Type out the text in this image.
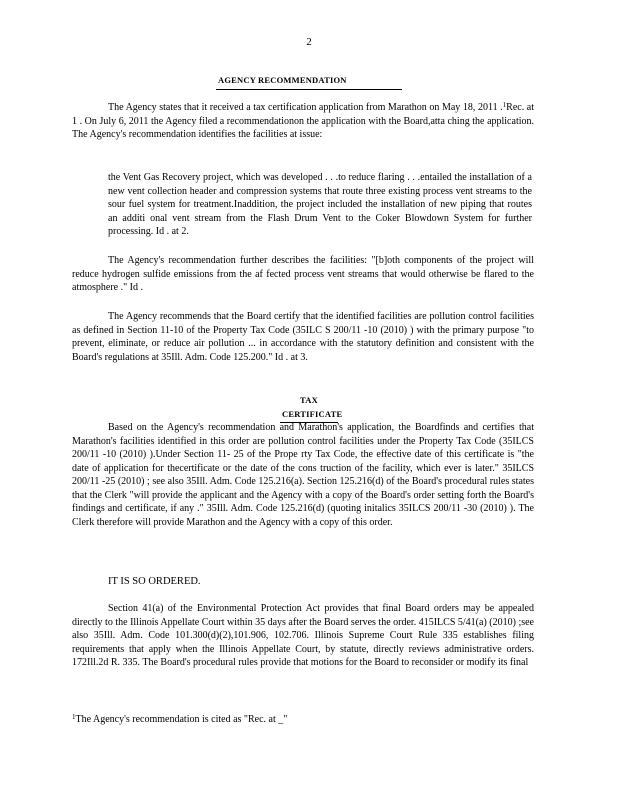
2
AGENCY RECOMMENDATION
The Agency states that it received a tax certification application from Marathon on May 18, 2011 .$^1$Rec. at 1 . On July 6, 2011 the Agency filed a recommendationon the application with the Board,atta ching the application. The Agency's recommendation identifies the facilities at issue:
the Vent Gas Recovery project, which was developed . . .to reduce flaring . . .entailed the installation of a new vent collection header and compression systems that route three existing process vent streams to the sour fuel system for treatment.Inaddition, the project included the installation of new piping that routes an additi onal vent stream from the Flash Drum Vent to the Coker Blowdown System for further processing. Id . at 2.
The Agency's recommendation further describes the facilities: "[b]oth components of the project will reduce hydrogen sulfide emissions from the af fected process vent streams that would otherwise be flared to the atmosphere ." Id .
The Agency recommends that the Board certify that the identified facilities are pollution control facilities as defined in Section 11-10 of the Property Tax Code (35ILC S 200/11 -10 (2010) ) with the primary purpose "to prevent, eliminate, or reduce air pollution ... in accordance with the statutory definition and consistent with the Board's regulations at 35Ill. Adm. Code 125.200." Id . at 3.
TAX CERTIFICATE
Based on the Agency's recommendation and Marathon's application, the Boardfinds and certifies that Marathon's facilities identified in this order are pollution control facilities under the Property Tax Code (35ILCS 200/11 -10 (2010) ).Under Section 11- 25 of the Prope rty Tax Code, the effective date of this certificate is "the date of application for thecertificate or the date of the cons truction of the facility, which ever is later." 35ILCS 200/11 -25 (2010) ; see also 35Ill. Adm. Code 125.216(a). Section 125.216(d) of the Board's procedural rules states that the Clerk "will provide the applicant and the Agency with a copy of the Board's order setting forth the Board's findings and certificate, if any ." 35Ill. Adm. Code 125.216(d) (quoting initalics 35ILCS 200/11 -30 (2010) ). The Clerk therefore will provide Marathon and the Agency with a copy of this order.
IT IS SO ORDERED.
Section 41(a) of the Environmental Protection Act provides that final Board orders may be appealed directly to the Illinois Appellate Court within 35 days after the Board serves the order. 415ILCS 5/41(a) (2010) ;see also 35Ill. Adm. Code 101.300(d)(2),101.906, 102.706. Illinois Supreme Court Rule 335 establishes filing requirements that apply when the Illinois Appellate Court, by statute, directly reviews administrative orders. 172Ill.2d R. 335. The Board's procedural rules provide that motions for the Board to reconsider or modify its final
$^1$The Agency's recommendation is cited as "Rec. at _"
